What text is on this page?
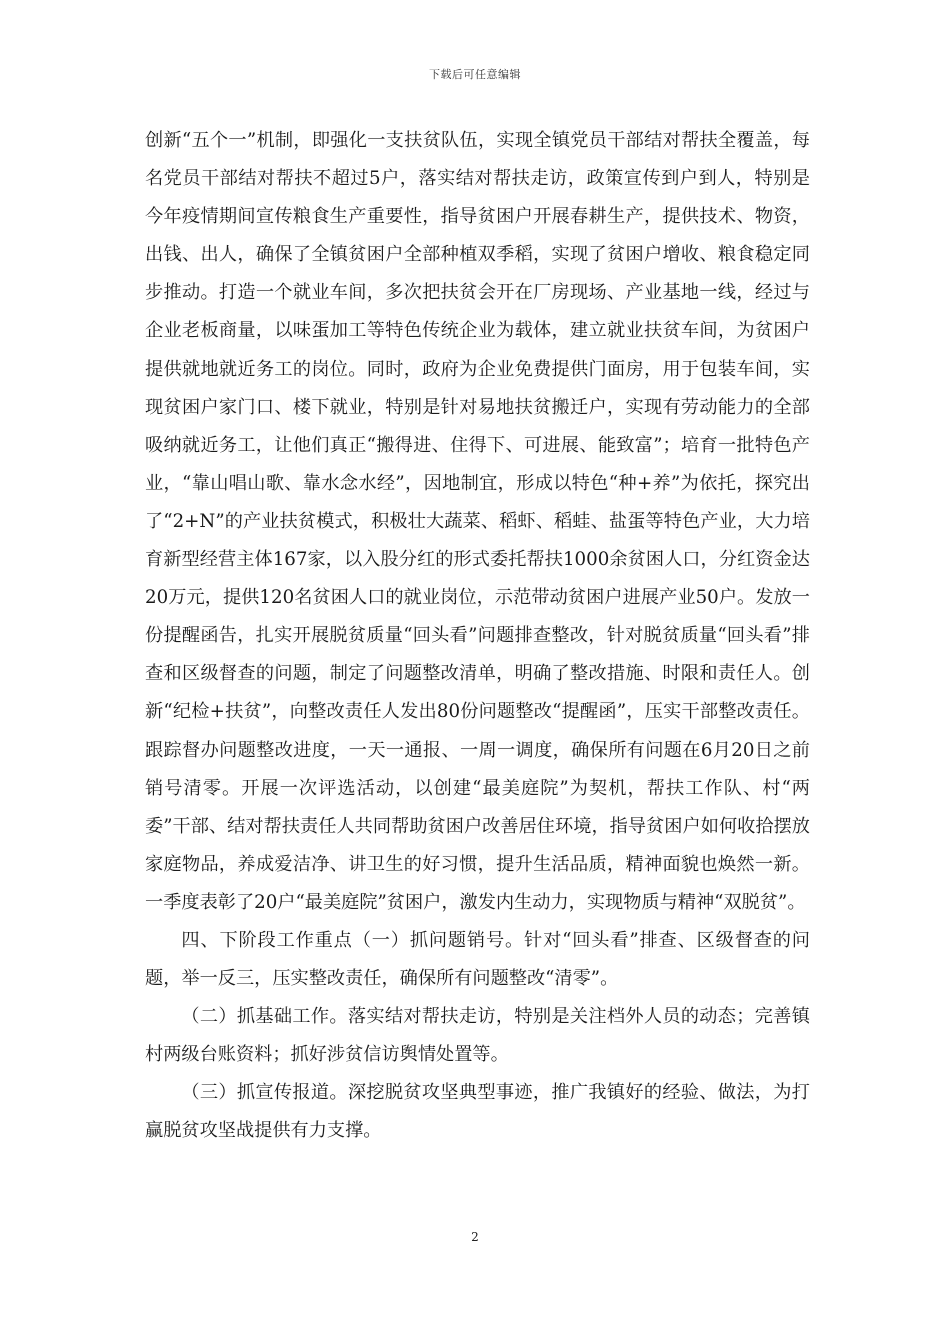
下载后可任意编辑

创新“五个一”机制，即强化一支扶贫队伍，实现全镇党员干部结对帮扶全覆盖，每名党员干部结对帮扶不超过5户，落实结对帮扶走访，政策宣传到户到人，特别是今年疫情期间宣传粮食生产重要性，指导贫困户开展春耕生产，提供技术、物资，出钱、出人，确保了全镇贫困户全部种植双季稻，实现了贫困户增收、粮食稳定同步推动。打造一个就业车间，多次把扶贫会开在厂房现场、产业基地一线，经过与企业老板商量，以味蛋加工等特色传统企业为载体，建立就业扶贫车间，为贫困户提供就地就近务工的岗位。同时，政府为企业免费提供门面房，用于包装车间，实现贫困户家门口、楼下就业，特别是针对易地扶贫搬迁户，实现有劳动能力的全部吸纳就近务工，让他们真正“搬得进、住得下、可进展、能致富”；培育一批特色产业，“靠山唱山歌、靠水念水经”，因地制宜，形成以特色“种+养”为依托，探究出了“2+N”的产业扶贫模式，积极壮大蔬菜、稻虾、稻蛙、盐蛋等特色产业，大力培育新型经营主体167家，以入股分红的形式委托帮扶1000余贫困人口，分红资金达20万元，提供120名贫困人口的就业岗位，示范带动贫困户进展产业50户。发放一份提醒函告，扎实开展脱贫质量“回头看”问题排查整改，针对脱贫质量“回头看”排查和区级督查的问题，制定了问题整改清单，明确了整改措施、时限和责任人。创新“纪检+扶贫”，向整改责任人发出80份问题整改“提醒函”，压实干部整改责任。跟踪督办问题整改进度，一天一通报、一周一调度，确保所有问题在6月20日之前销号清零。开展一次评选活动，以创建“最美庭院”为契机，帮扶工作队、村“两委”干部、结对帮扶责任人共同帮助贫困户改善居住环境，指导贫困户如何收拾摆放家庭物品，养成爱洁净、讲卫生的好习惯，提升生活品质，精神面貌也焕然一新。一季度表彰了20户“最美庭院”贫困户，激发内生动力，实现物质与精神“双脱贫”。

四、下阶段工作重点（一）抓问题销号。针对“回头看”排查、区级督查的问题，举一反三，压实整改责任，确保所有问题整改“清零”。

（二）抓基础工作。落实结对帮扶走访，特别是关注档外人员的动态；完善镇村两级台账资料；抓好涉贫信访舆情处置等。

（三）抓宣传报道。深挖脱贫攻坚典型事迹，推广我镇好的经验、做法，为打赢脱贫攻坚战提供有力支撑。

2
